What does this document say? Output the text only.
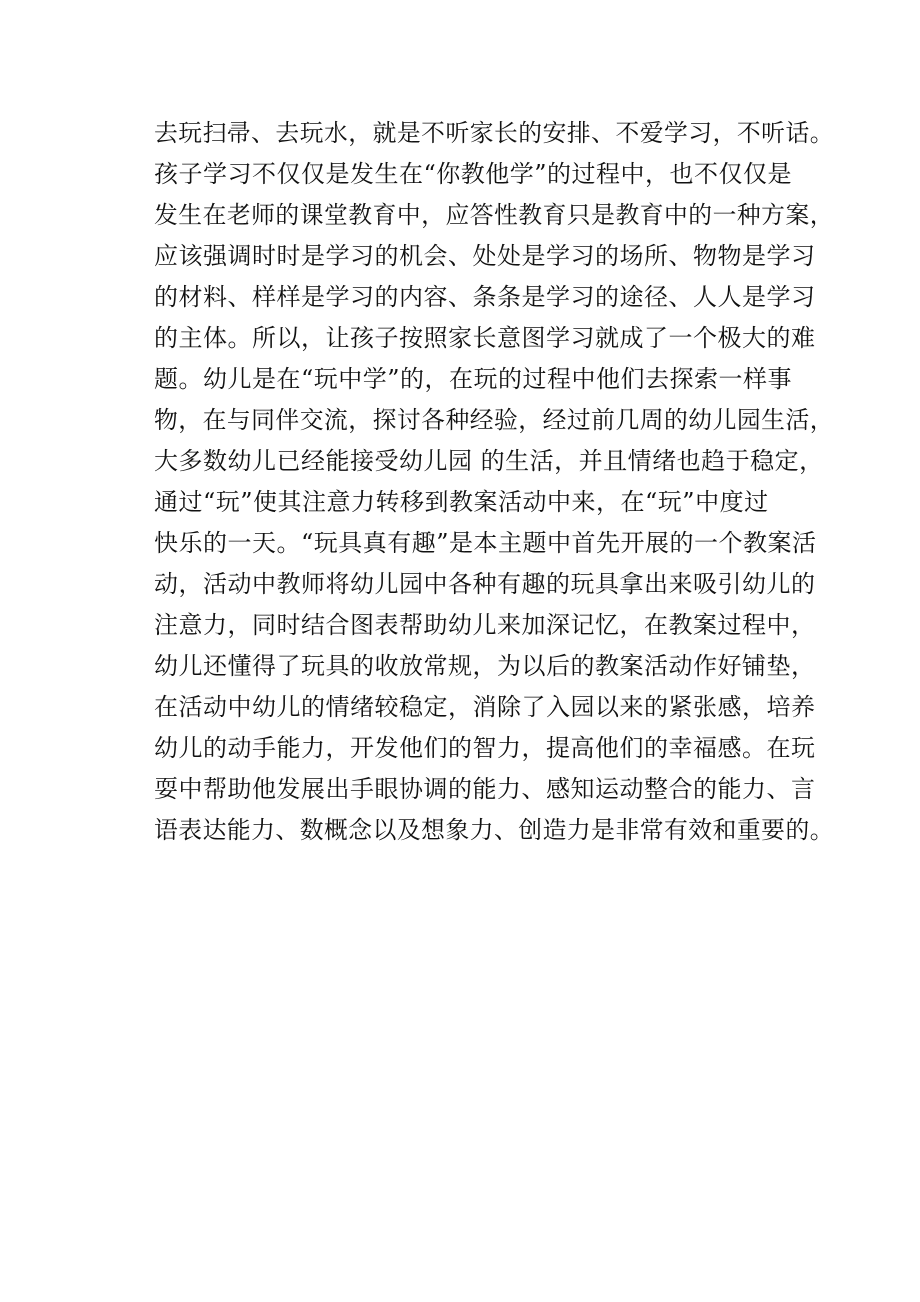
去玩扫帚、去玩水，就是不听家长的安排、不爱学习，不听话。
孩子学习不仅仅是发生在“你教他学”的过程中，也不仅仅是
发生在老师的课堂教育中，应答性教育只是教育中的一种方案，
应该强调时时是学习的机会、处处是学习的场所、物物是学习
的材料、样样是学习的内容、条条是学习的途径、人人是学习
的主体。所以，让孩子按照家长意图学习就成了一个极大的难
题。幼儿是在“玩中学”的，在玩的过程中他们去探索一样事
物，在与同伴交流，探讨各种经验，经过前几周的幼儿园生活，
大多数幼儿已经能接受幼儿园 的生活，并且情绪也趋于稳定，
通过“玩”使其注意力转移到教案活动中来，在“玩”中度过
快乐的一天。“玩具真有趣”是本主题中首先开展的一个教案活
动，活动中教师将幼儿园中各种有趣的玩具拿出来吸引幼儿的
注意力，同时结合图表帮助幼儿来加深记忆，在教案过程中，
幼儿还懂得了玩具的收放常规，为以后的教案活动作好铺垫，
在活动中幼儿的情绪较稳定，消除了入园以来的紧张感，培养
幼儿的动手能力，开发他们的智力，提高他们的幸福感。在玩
耍中帮助他发展出手眼协调的能力、感知运动整合的能力、言
语表达能力、数概念以及想象力、创造力是非常有效和重要的。
